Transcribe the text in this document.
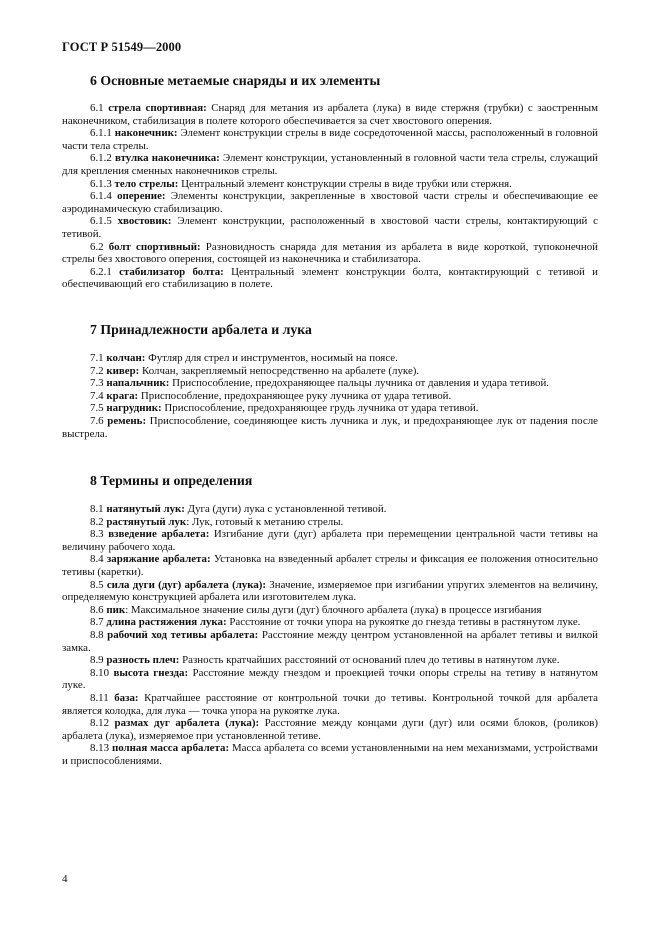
ГОСТ Р 51549—2000
6 Основные метаемые снаряды и их элементы

6.1 стрела спортивная: Снаряд для метания из арбалета (лука) в виде стержня (трубки) с заостренным наконечником, стабилизация в полете которого обеспечивается за счет хвостового оперения.

6.1.1 наконечник: Элемент конструкции стрелы в виде сосредоточенной массы, расположенный в головной части тела стрелы.

6.1.2 втулка наконечника: Элемент конструкции, установленный в головной части тела стрелы, служащий для крепления сменных наконечников стрелы.

6.1.3 тело стрелы: Центральный элемент конструкции стрелы в виде трубки или стержня.

6.1.4 оперение: Элементы конструкции, закрепленные в хвостовой части стрелы и обеспечивающие ее аэродинамическую стабилизацию.

6.1.5 хвостовик: Элемент конструкции, расположенный в хвостовой части стрелы, контактирующий с тетивой.

6.2 болт спортивный: Разновидность снаряда для метания из арбалета в виде короткой, тупоконечной стрелы без хвостового оперения, состоящей из наконечника и стабилизатора.

6.2.1 стабилизатор болта: Центральный элемент конструкции болта, контактирующий с тетивой и обеспечивающий его стабилизацию в полете.

7 Принадлежности арбалета и лука

7.1 колчан: Футляр для стрел и инструментов, носимый на поясе.

7.2 кивер: Колчан, закрепляемый непосредственно на арбалете (луке).

7.3 напальчник: Приспособление, предохраняющее пальцы лучника от давления и удара тетивой.

7.4 крага: Приспособление, предохраняющее руку лучника от удара тетивой.

7.5 нагрудник: Приспособление, предохраняющее грудь лучника от удара тетивой.

7.6 ремень: Приспособление, соединяющее кисть лучника и лук, и предохраняющее лук от падения после выстрела.

8 Термины и определения

8.1 натянутый лук: Дуга (дуги) лука с установленной тетивой.

8.2 растянутый лук: Лук, готовый к метанию стрелы.

8.3 взведение арбалета: Изгибание дуги (дуг) арбалета при перемещении центральной части тетивы на величину рабочего хода.

8.4 заряжание арбалета: Установка на взведенный арбалет стрелы и фиксация ее положения относительно тетивы (каретки).

8.5 сила дуги (дуг) арбалета (лука): Значение, измеряемое при изгибании упругих элементов на величину, определяемую конструкцией арбалета или изготовителем лука.

8.6 пик: Максимальное значение силы дуги (дуг) блочного арбалета (лука) в процессе изгибания

8.7 длина растяжения лука: Расстояние от точки упора на рукоятке до гнезда тетивы в растянутом луке.

8.8 рабочий ход тетивы арбалета: Расстояние между центром установленной на арбалет тетивы и вилкой замка.

8.9 разность плеч: Разность кратчайших расстояний от оснований плеч до тетивы в натянутом луке.

8.10 высота гнезда: Расстояние между гнездом и проекцией точки опоры стрелы на тетиву в натянутом луке.

8.11 база: Кратчайшее расстояние от контрольной точки до тетивы. Контрольной точкой для арбалета является колодка, для лука — точка упора на рукоятке лука.

8.12 размах дуг арбалета (лука): Расстояние между концами дуги (дуг) или осями блоков, (роликов) арбалета (лука), измеряемое при установленной тетиве.

8.13 полная масса арбалета: Масса арбалета со всеми установленными на нем механизмами, устройствами и приспособлениями.

4
